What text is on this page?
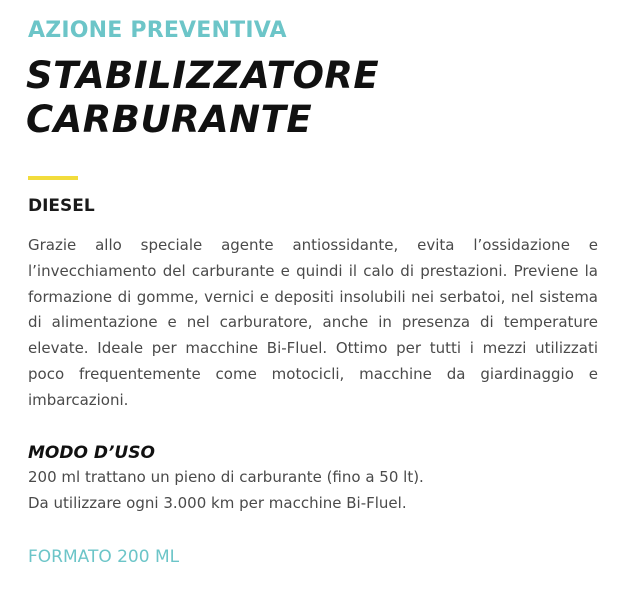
AZIONE PREVENTIVA

STABILIZZATORE
CARBURANTE
DIESEL

Grazie allo speciale agente antiossidante, evita l’ossidazione e l’invecchiamento del carburante e quindi il calo di prestazioni. Previene la formazione di gomme, vernici e depositi insolubili nei serbatoi, nel sistema di alimentazione e nel carburatore, anche in presenza di temperature elevate. Ideale per macchine Bi-Fluel. Ottimo per tutti i mezzi utilizzati poco frequentemente come motocicli, macchine da giardinaggio e imbarcazioni.

MODO D’USO

200 ml trattano un pieno di carburante (fino a 50 lt).

Da utilizzare ogni 3.000 km per macchine Bi-Fluel.

FORMATO 200 ML
